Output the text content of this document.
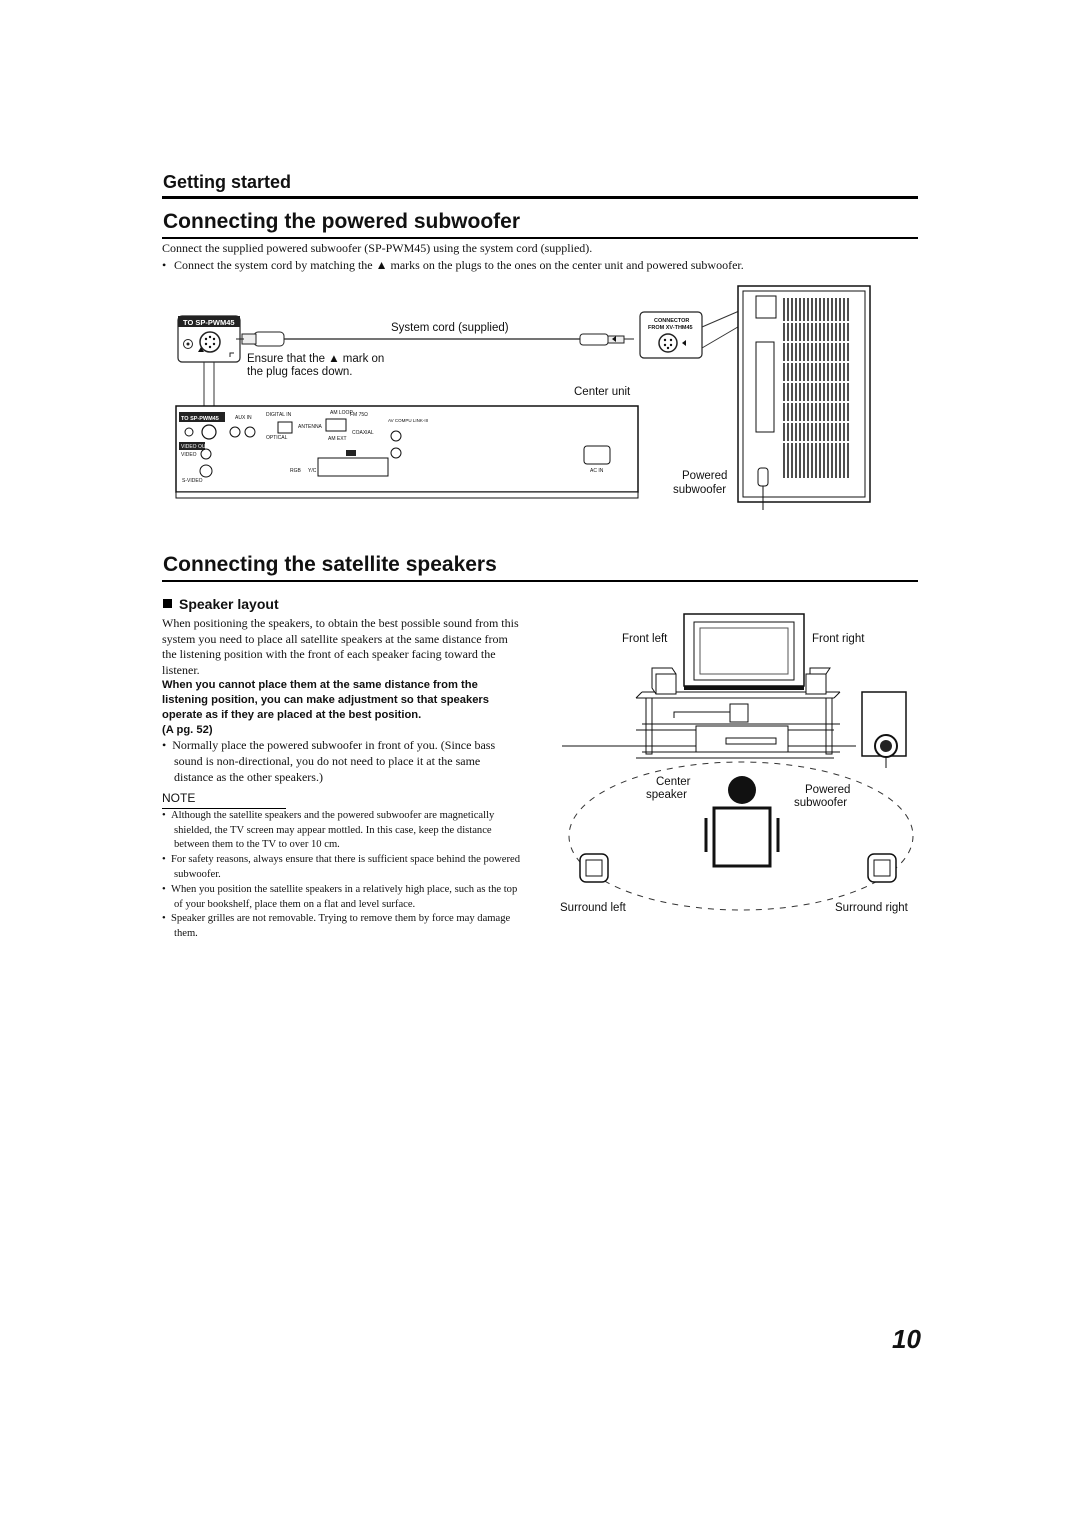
Getting started
Connecting the powered subwoofer
Connect the supplied powered subwoofer (SP-PWM45) using the system cord (supplied).
• Connect the system cord by matching the ▲ marks on the plugs to the ones on the center unit and powered subwoofer.
TO SP-PWM45	System cord (supplied)
Ensure that the ▲ mark on
the plug faces down.
CONNECTOR
FROM XV-THM45
Center unit
TO SP-PWM45	AUX IN	DIGITAL IN
OPTICAL
ANTENNA
AM LOOP
FM 75Ω
AM EXT
COAXIAL
AV COMPU LINK-III
VIDEO OUT
VIDEO
S-VIDEO
RGB Y/C	AC IN	Powered
subwoofer
Connecting the satellite speakers
Speaker layout

When positioning the speakers, to obtain the best possible sound from this system you need to place all satellite speakers at the same distance from the listening position with the front of each speaker facing toward the listener.

When you cannot place them at the same distance from the listening position, you can make adjustment so that speakers operate as if they are placed at the best position.
(A pg. 52)

•  Normally place the powered subwoofer in front of you. (Since bass sound is non-directional, you do not need to place it at the same distance as the other speakers.)

NOTE

•  Although the satellite speakers and the powered subwoofer are magnetically shielded, the TV screen may appear mottled. In this case, keep the distance between them to the TV to over 10 cm.

•  For safety reasons, always ensure that there is sufficient space behind the powered subwoofer.

•  When you position the satellite speakers in a relatively high place, such as the top of your bookshelf, place them on a flat and level surface.

•  Speaker grilles are not removable. Trying to remove them by force may damage them.

Front left	Front right
Center
speaker	Powered
subwoofer
Surround left	Surround right
10
